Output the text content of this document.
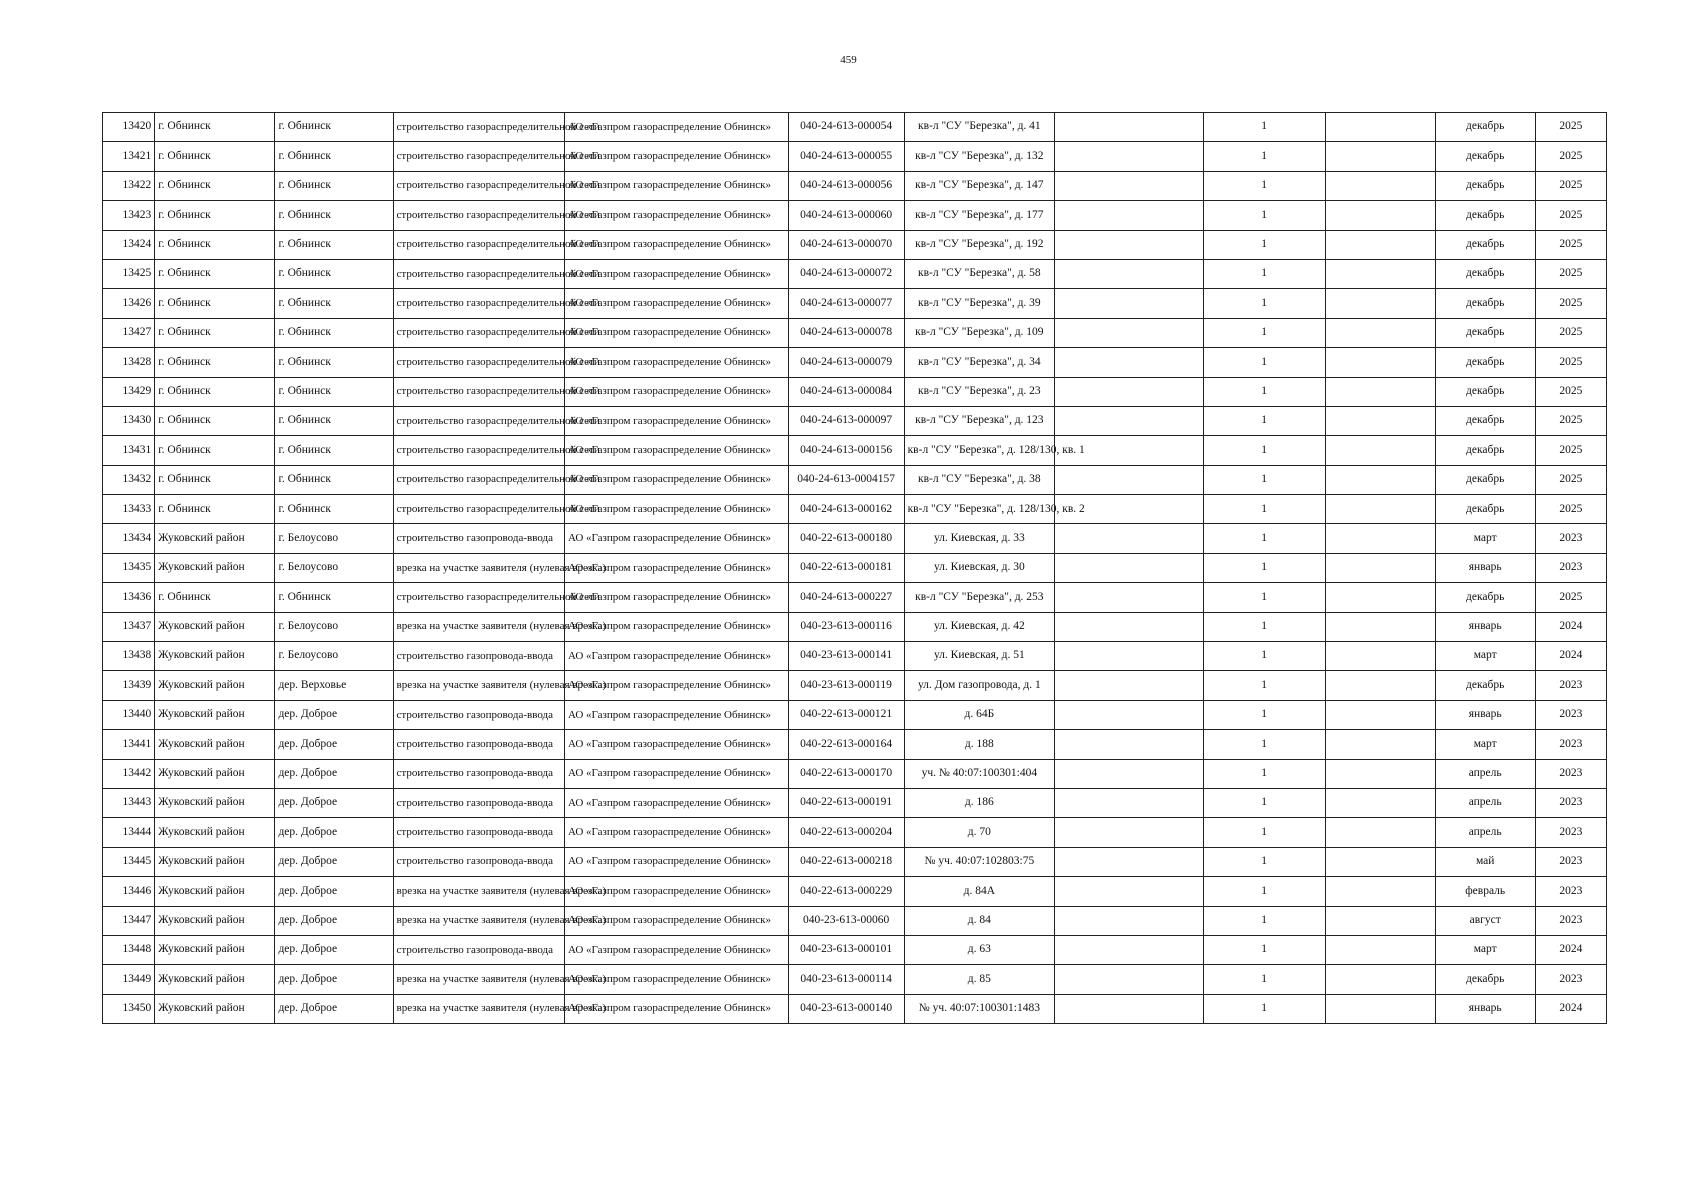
459
13420	г. Обнинск	г. Обнинск	строительство газораспределительной сети	АО «Газпром газораспределение Обнинск»	040-24-613-000054	кв-л "СУ "Березка", д. 41		1		декабрь	2025
13421	г. Обнинск	г. Обнинск	строительство газораспределительной сети	АО «Газпром газораспределение Обнинск»	040-24-613-000055	кв-л "СУ "Березка", д. 132		1		декабрь	2025
13422	г. Обнинск	г. Обнинск	строительство газораспределительной сети	АО «Газпром газораспределение Обнинск»	040-24-613-000056	кв-л "СУ "Березка", д. 147		1		декабрь	2025
13423	г. Обнинск	г. Обнинск	строительство газораспределительной сети	АО «Газпром газораспределение Обнинск»	040-24-613-000060	кв-л "СУ "Березка", д. 177		1		декабрь	2025
13424	г. Обнинск	г. Обнинск	строительство газораспределительной сети	АО «Газпром газораспределение Обнинск»	040-24-613-000070	кв-л "СУ "Березка", д. 192		1		декабрь	2025
13425	г. Обнинск	г. Обнинск	строительство газораспределительной сети	АО «Газпром газораспределение Обнинск»	040-24-613-000072	кв-л "СУ "Березка", д. 58		1		декабрь	2025
13426	г. Обнинск	г. Обнинск	строительство газораспределительной сети	АО «Газпром газораспределение Обнинск»	040-24-613-000077	кв-л "СУ "Березка", д. 39		1		декабрь	2025
13427	г. Обнинск	г. Обнинск	строительство газораспределительной сети	АО «Газпром газораспределение Обнинск»	040-24-613-000078	кв-л "СУ "Березка", д. 109		1		декабрь	2025
13428	г. Обнинск	г. Обнинск	строительство газораспределительной сети	АО «Газпром газораспределение Обнинск»	040-24-613-000079	кв-л "СУ "Березка", д. 34		1		декабрь	2025
13429	г. Обнинск	г. Обнинск	строительство газораспределительной сети	АО «Газпром газораспределение Обнинск»	040-24-613-000084	кв-л "СУ "Березка", д. 23		1		декабрь	2025
13430	г. Обнинск	г. Обнинск	строительство газораспределительной сети	АО «Газпром газораспределение Обнинск»	040-24-613-000097	кв-л "СУ "Березка", д. 123		1		декабрь	2025
13431	г. Обнинск	г. Обнинск	строительство газораспределительной сети	АО «Газпром газораспределение Обнинск»	040-24-613-000156	кв-л "СУ "Березка", д. 128/130, кв. 1		1		декабрь	2025
13432	г. Обнинск	г. Обнинск	строительство газораспределительной сети	АО «Газпром газораспределение Обнинск»	040-24-613-0004157	кв-л "СУ "Березка", д. 38		1		декабрь	2025
13433	г. Обнинск	г. Обнинск	строительство газораспределительной сети	АО «Газпром газораспределение Обнинск»	040-24-613-000162	кв-л "СУ "Березка", д. 128/130, кв. 2		1		декабрь	2025
13434	Жуковский район	г. Белоусово	строительство газопровода-ввода	АО «Газпром газораспределение Обнинск»	040-22-613-000180	ул. Киевская, д. 33		1		март	2023
13435	Жуковский район	г. Белоусово	врезка на участке заявителя (нулевая врезка)	АО «Газпром газораспределение Обнинск»	040-22-613-000181	ул. Киевская, д. 30		1		январь	2023
13436	г. Обнинск	г. Обнинск	строительство газораспределительной сети	АО «Газпром газораспределение Обнинск»	040-24-613-000227	кв-л "СУ "Березка", д. 253		1		декабрь	2025
13437	Жуковский район	г. Белоусово	врезка на участке заявителя (нулевая врезка)	АО «Газпром газораспределение Обнинск»	040-23-613-000116	ул. Киевская, д. 42		1		январь	2024
13438	Жуковский район	г. Белоусово	строительство газопровода-ввода	АО «Газпром газораспределение Обнинск»	040-23-613-000141	ул. Киевская, д. 51		1		март	2024
13439	Жуковский район	дер. Верховье	врезка на участке заявителя (нулевая врезка)	АО «Газпром газораспределение Обнинск»	040-23-613-000119	ул. Дом газопровода, д. 1		1		декабрь	2023
13440	Жуковский район	дер. Доброе	строительство газопровода-ввода	АО «Газпром газораспределение Обнинск»	040-22-613-000121	д. 64Б		1		январь	2023
13441	Жуковский район	дер. Доброе	строительство газопровода-ввода	АО «Газпром газораспределение Обнинск»	040-22-613-000164	д. 188		1		март	2023
13442	Жуковский район	дер. Доброе	строительство газопровода-ввода	АО «Газпром газораспределение Обнинск»	040-22-613-000170	уч. № 40:07:100301:404		1		апрель	2023
13443	Жуковский район	дер. Доброе	строительство газопровода-ввода	АО «Газпром газораспределение Обнинск»	040-22-613-000191	д. 186		1		апрель	2023
13444	Жуковский район	дер. Доброе	строительство газопровода-ввода	АО «Газпром газораспределение Обнинск»	040-22-613-000204	д. 70		1		апрель	2023
13445	Жуковский район	дер. Доброе	строительство газопровода-ввода	АО «Газпром газораспределение Обнинск»	040-22-613-000218	№ уч. 40:07:102803:75		1		май	2023
13446	Жуковский район	дер. Доброе	врезка на участке заявителя (нулевая врезка)	АО «Газпром газораспределение Обнинск»	040-22-613-000229	д. 84А		1		февраль	2023
13447	Жуковский район	дер. Доброе	врезка на участке заявителя (нулевая врезка)	АО «Газпром газораспределение Обнинск»	040-23-613-00060	д. 84		1		август	2023
13448	Жуковский район	дер. Доброе	строительство газопровода-ввода	АО «Газпром газораспределение Обнинск»	040-23-613-000101	д. 63		1		март	2024
13449	Жуковский район	дер. Доброе	врезка на участке заявителя (нулевая врезка)	АО «Газпром газораспределение Обнинск»	040-23-613-000114	д. 85		1		декабрь	2023
13450	Жуковский район	дер. Доброе	врезка на участке заявителя (нулевая врезка)	АО «Газпром газораспределение Обнинск»	040-23-613-000140	№ уч. 40:07:100301:1483		1		январь	2024
